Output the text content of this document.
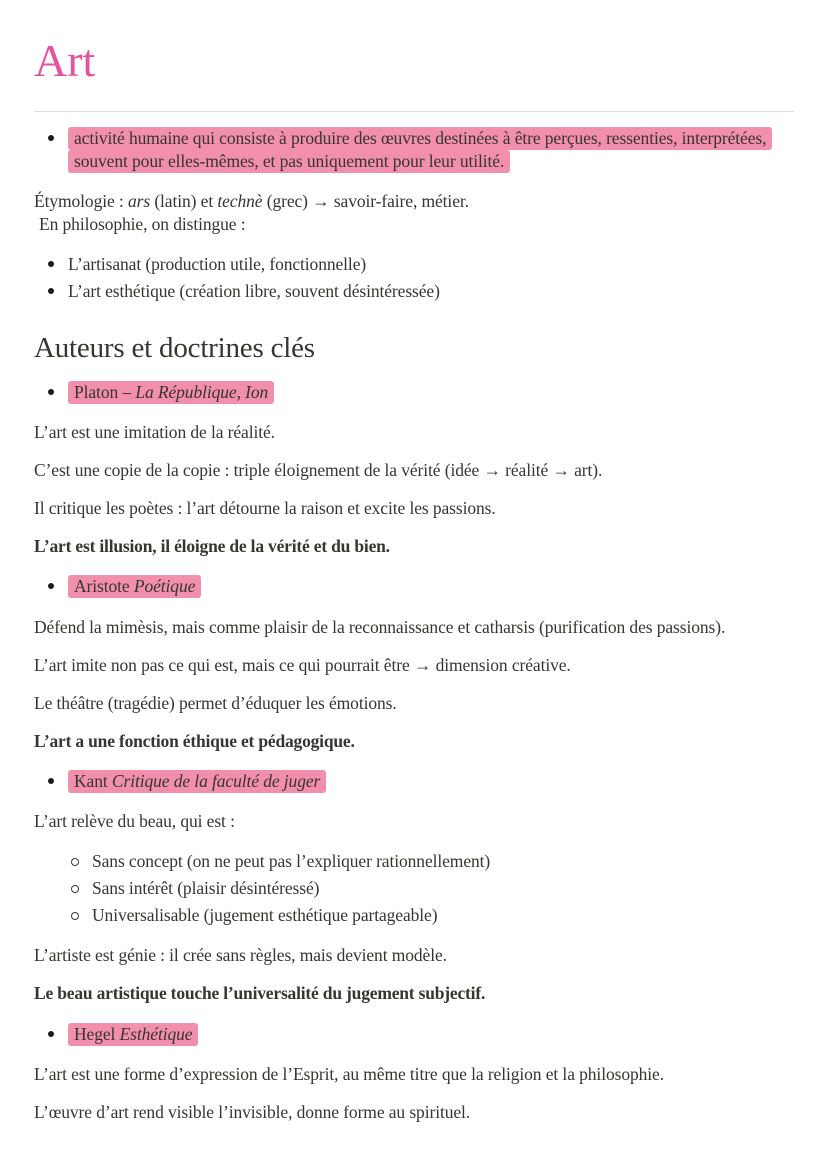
Art
activité humaine qui consiste à produire des œuvres destinées à être perçues, ressenties, interprétées, souvent pour elles-mêmes, et pas uniquement pour leur utilité.

Étymologie : ars (latin) et technè (grec) → savoir-faire, métier.
En philosophie, on distingue :

L’artisanat (production utile, fonctionnelle)
L’art esthétique (création libre, souvent désintéressée)
Auteurs et doctrines clés
Platon – La République, Ion

L’art est une imitation de la réalité.

C’est une copie de la copie : triple éloignement de la vérité (idée → réalité → art).

Il critique les poètes : l’art détourne la raison et excite les passions.

L’art est illusion, il éloigne de la vérité et du bien.

Aristote Poétique

Défend la mimèsis, mais comme plaisir de la reconnaissance et catharsis (purification des passions).

L’art imite non pas ce qui est, mais ce qui pourrait être → dimension créative.

Le théâtre (tragédie) permet d’éduquer les émotions.

L’art a une fonction éthique et pédagogique.

Kant Critique de la faculté de juger

L’art relève du beau, qui est :

Sans concept (on ne peut pas l’expliquer rationnellement)
Sans intérêt (plaisir désintéressé)
Universalisable (jugement esthétique partageable)

L’artiste est génie : il crée sans règles, mais devient modèle.

Le beau artistique touche l’universalité du jugement subjectif.

Hegel Esthétique

L’art est une forme d’expression de l’Esprit, au même titre que la religion et la philosophie.

L’œuvre d’art rend visible l’invisible, donne forme au spirituel.
